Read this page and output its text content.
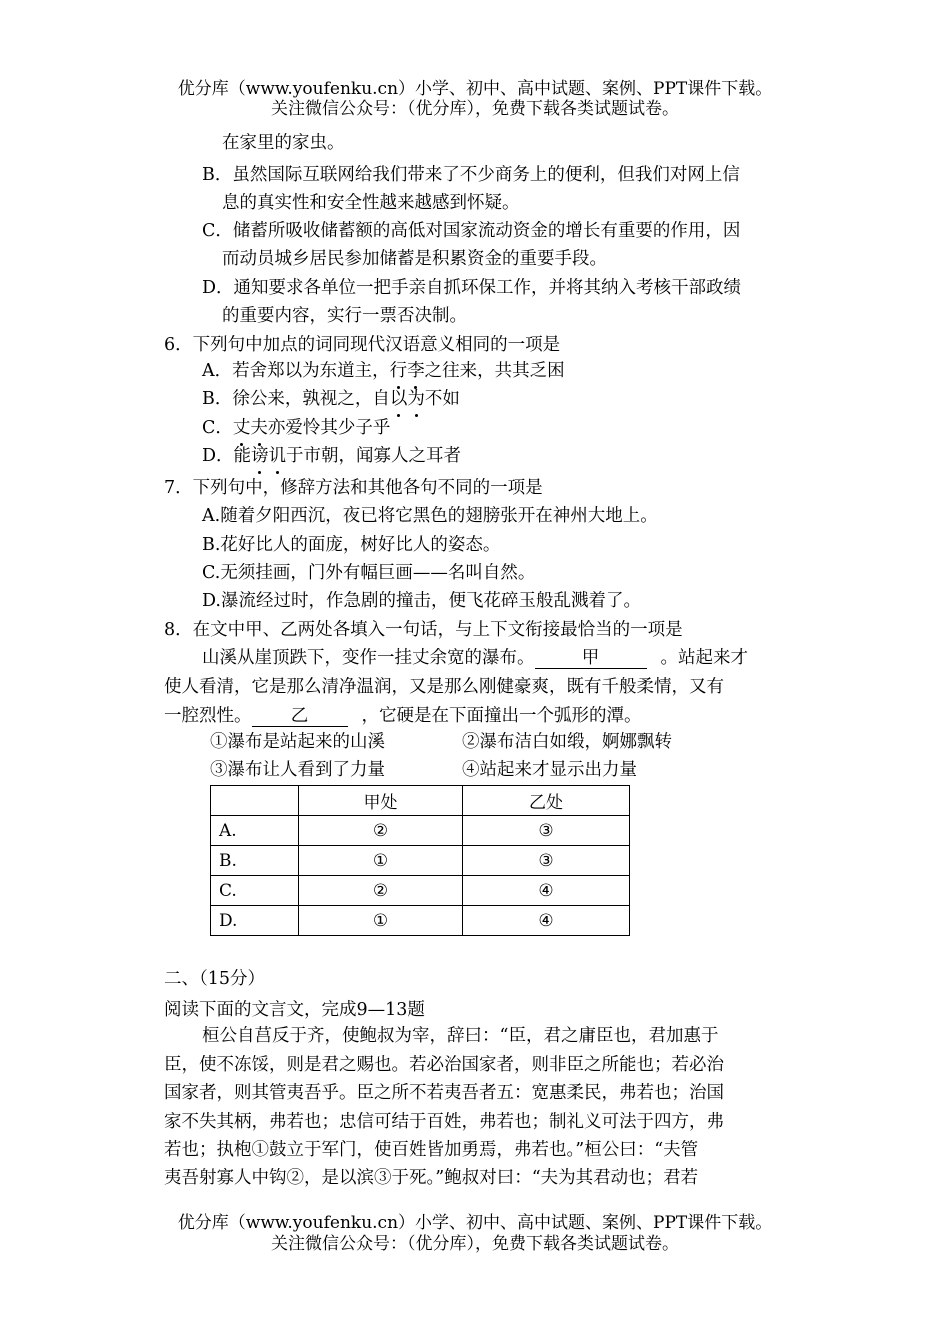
优分库（www.youfenku.cn）小学、初中、高中试题、案例、PPT课件下载。
关注微信公众号：（优分库），免费下载各类试题试卷。
在家里的家虫。
B．虽然国际互联网给我们带来了不少商务上的便利，但我们对网上信
息的真实性和安全性越来越感到怀疑。
C．储蓄所吸收储蓄额的高低对国家流动资金的增长有重要的作用，因
而动员城乡居民参加储蓄是积累资金的重要手段。
D．通知要求各单位一把手亲自抓环保工作，并将其纳入考核干部政绩
的重要内容，实行一票否决制。
6．下列句中加点的词同现代汉语意义相同的一项是
A．若舍郑以为东道主，行李之往来，共其乏困
B．徐公来，孰视之，自以为不如
C．丈夫亦爱怜其少子乎
D．能谤讥于市朝，闻寡人之耳者
7．下列句中，修辞方法和其他各句不同的一项是
A.随着夕阳西沉，夜已将它黑色的翅膀张开在神州大地上。
B.花好比人的面庞，树好比人的姿态。
C.无须挂画，门外有幅巨画——名叫自然。
D.瀑流经过时，作急剧的撞击，便飞花碎玉般乱溅着了。
8．在文中甲、乙两处各填入一句话，与上下文衔接最恰当的一项是
山溪从崖顶跌下，变作一挂丈余宽的瀑布。	甲	。站起来才
使人看清，它是那么清净温润，又是那么刚健豪爽，既有千般柔情，又有
一腔烈性。 乙	，它硬是在下面撞出一个弧形的潭。
①瀑布是站起来的山溪	②瀑布洁白如缎，婀娜飘转
③瀑布让人看到了力量	④站起来才显示出力量
	甲处	乙处
A.	②	③
B.	①	③
C.	②	④
D.	①	④
二、（15分）
阅读下面的文言文，完成9—13题
桓公自莒反于齐，使鲍叔为宰，辞曰：“臣，君之庸臣也，君加惠于
臣，使不冻馁，则是君之赐也。若必治国家者，则非臣之所能也；若必治
国家者，则其管夷吾乎。臣之所不若夷吾者五：宽惠柔民，弗若也；治国
家不失其柄，弗若也；忠信可结于百姓，弗若也；制礼义可法于四方，弗
若也；执枹①鼓立于军门，使百姓皆加勇焉，弗若也。”桓公曰：“夫管
夷吾射寡人中钩②，是以滨③于死。”鲍叔对曰：“夫为其君动也；君若
优分库（www.youfenku.cn）小学、初中、高中试题、案例、PPT课件下载。
关注微信公众号：（优分库），免费下载各类试题试卷。
